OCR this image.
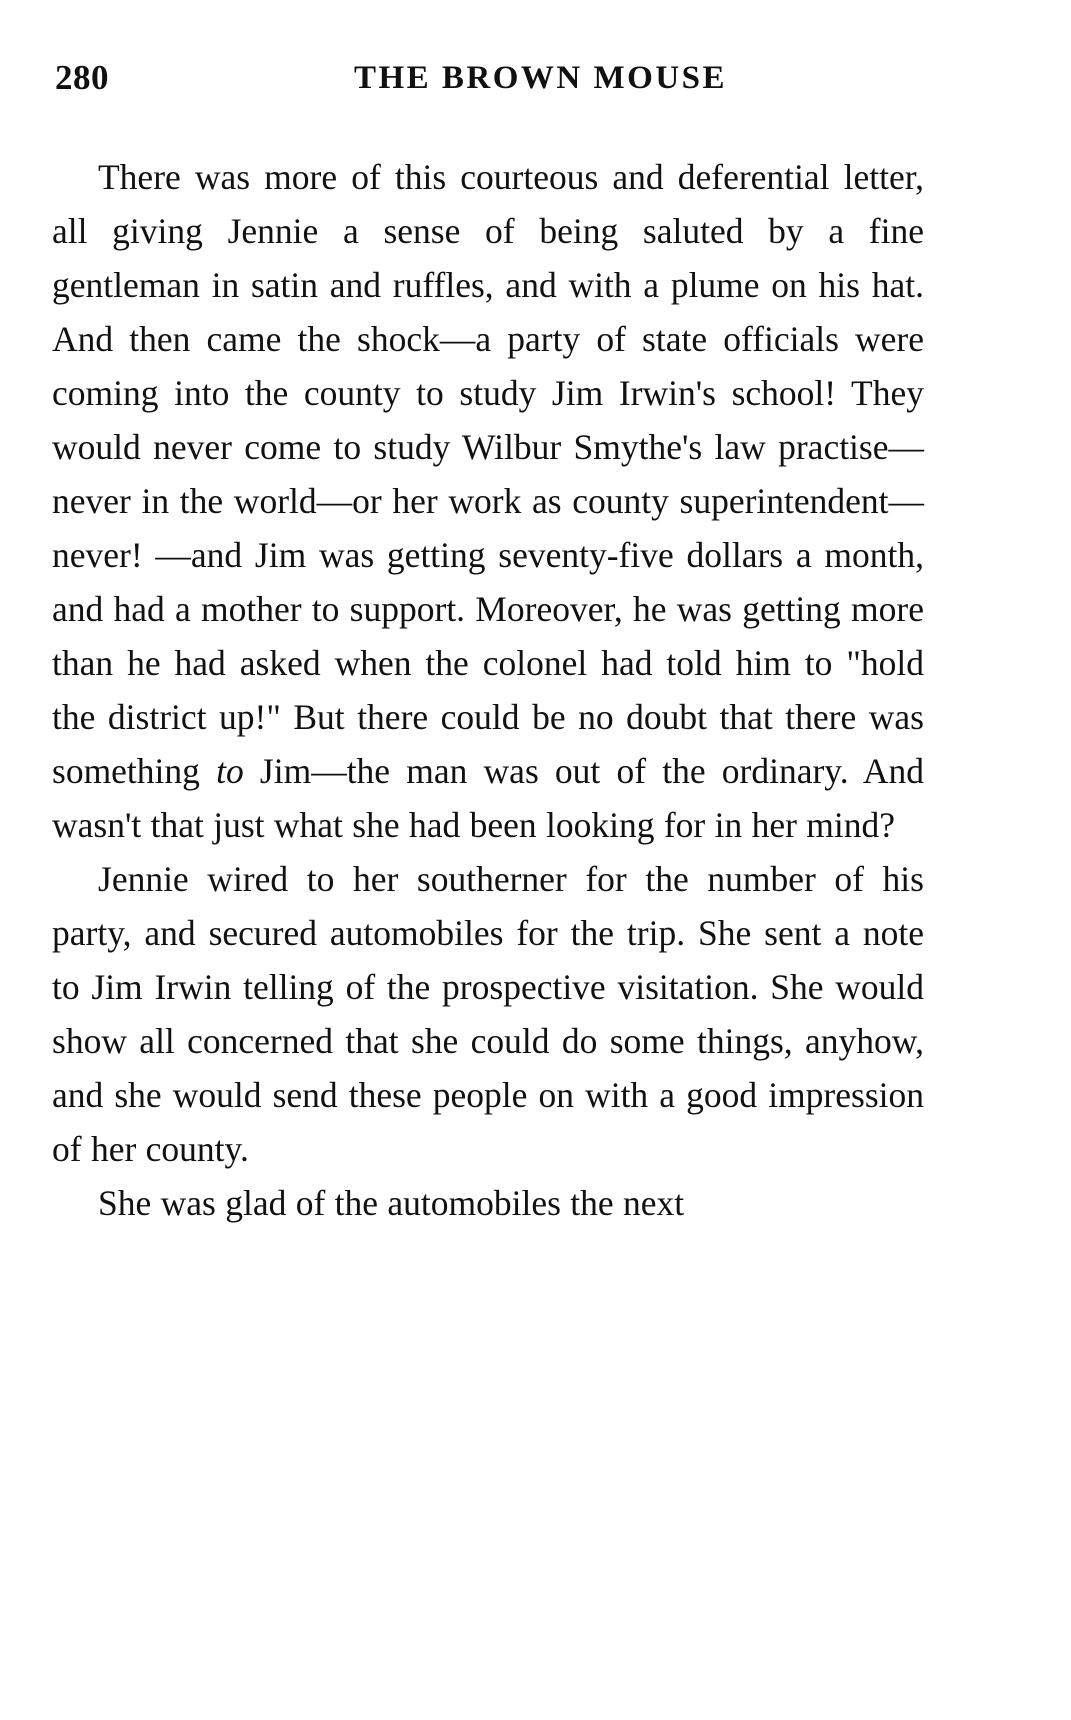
280	THE BROWN MOUSE

There was more of this courteous and deferential letter, all giving Jennie a sense of being saluted by a fine gentleman in satin and ruffles, and with a plume on his hat. And then came the shock—a party of state officials were coming into the county to study Jim Irwin's school! They would never come to study Wilbur Smythe's law practise—never in the world—or her work as county superintendent—never! —and Jim was getting seventy-five dollars a month, and had a mother to support. Moreover, he was getting more than he had asked when the colonel had told him to "hold the district up!" But there could be no doubt that there was something to Jim—the man was out of the ordinary. And wasn't that just what she had been looking for in her mind?

Jennie wired to her southerner for the number of his party, and secured automobiles for the trip. She sent a note to Jim Irwin telling of the prospective visitation. She would show all concerned that she could do some things, anyhow, and she would send these people on with a good impression of her county.

She was glad of the automobiles the next
